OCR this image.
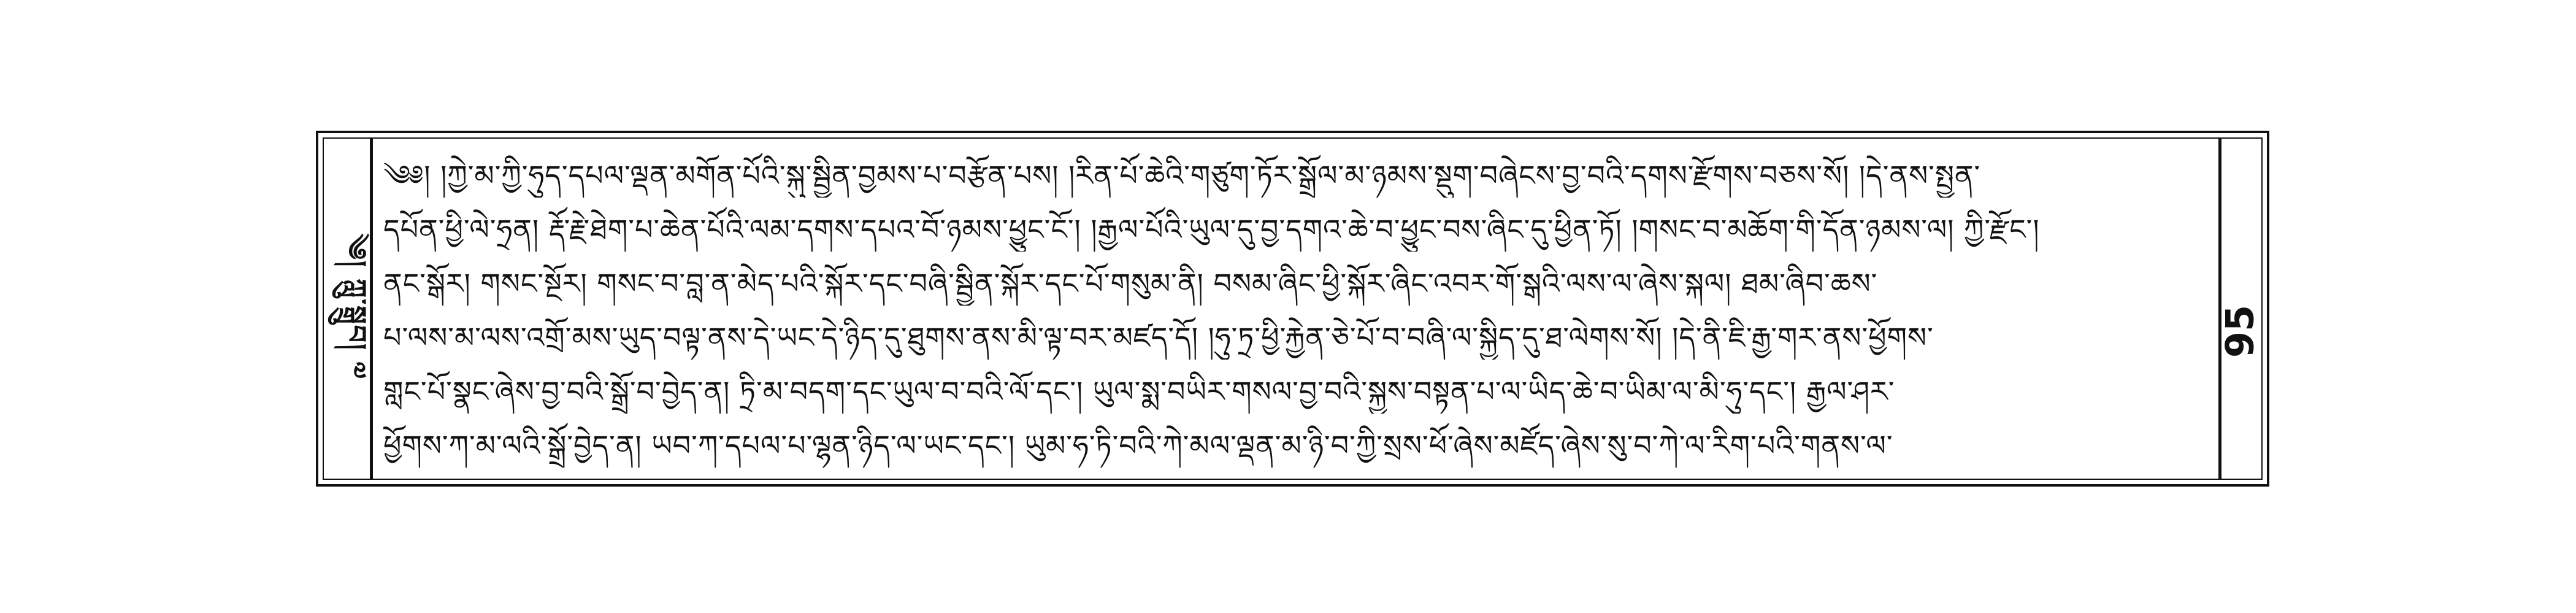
༄། ཀླུ་སྒྲུབ། ༧	95
༄༅། །ཀྱེ་མ་ཀྱི་ཧུད་དཔལ་ལྡན་མགོན་པོའི་སྐུ་སྦྱིན་བྱམས་པ་བརྩོན་པས། །རིན་པོ་ཆེའི་གཙུག་ཏོར་སྒྲོལ་མ་ཉམས་སྡུག་བཞེངས་བྱ་བའི་དགས་རྫོགས་བཅས་སོ། །དེ་ནས་སྤྱན་
དཔོན་ཕྱི་ལེ་ཧྲན། རྡོ་རྗེ་ཐེག་པ་ཆེན་པོའི་ལམ་དགས་དཔའ་བོ་ཉམས་ཕྱུང་ངོ་། །རྒྱལ་པོའི་ཡུལ་དུ་བྱ་དགའ་ཆེ་བ་ཕྱུང་བས་ཞིང་དུ་ཕྱིན་ཏོ། །གསང་བ་མཆོག་གི་དོན་ཉམས་ལ། ཀྱི་རྫོང་།
ནང་སྒོར། གསང་སྔོར། གསང་བ་བླ་ན་མེད་པའི་སྐོར་དང་བཞི་སྦྱིན་སྐོར་དང་པོ་གསུམ་ནི། བསམ་ཞིང་ཕྱི་སྐོར་ཞིང་འབར་གོ་སྒའི་ལས་ལ་ཞེས་སྐལ། ཐམ་ཞིབ་ཆས་
པ་ལས་མ་ལས་འགྲོ་མས་ཡུད་བལྟ་ནས་དེ་ཡང་དེ་ཉིད་དུ་ཐུགས་ནས་མི་ལྟ་བར་མཛད་དོ། །ཧུ་ཏྲ་ཕྱི་རྐྱེན་ཅེ་པོ་བ་བཞི་ལ་སྐྱིད་དུ་ཐ་ལེགས་སོ། །དེ་ནི་ཇི་རྒྱ་གར་ནས་ཕྱོགས་
གླང་པོ་སྣང་ཞེས་བྱ་བའི་སྒྲོ་བ་བྱེད་ན། ཏྲི་མ་བདག་དང་ཡུལ་བ་བའི་ལོ་དང་། ཡུལ་སྨ་བཡིར་གསལ་བྱ་བའི་སྐྱས་བསྟན་པ་ལ་ཡིད་ཆེ་བ་ཡིམ་ལ་མི་ཧུ་དང་། རྒྱལ་ཤར་
ཕྱོགས་ཀ་མ་ལའི་སྒྲོ་བྱེད་ན། ཡབ་ཀ་དཔལ་པ་ལྷན་ཉིད་ལ་ཡང་དང་། ཡུམ་ཧ་ཏི་བའི་ཀེ་མལ་ལྡན་མ་ཉི་བ་ཀྱི་སྲས་ཕོ་ཞེས་མཛོད་ཞེས་སུ་བ་ཀེ་ལ་རིག་པའི་གནས་ལ་
